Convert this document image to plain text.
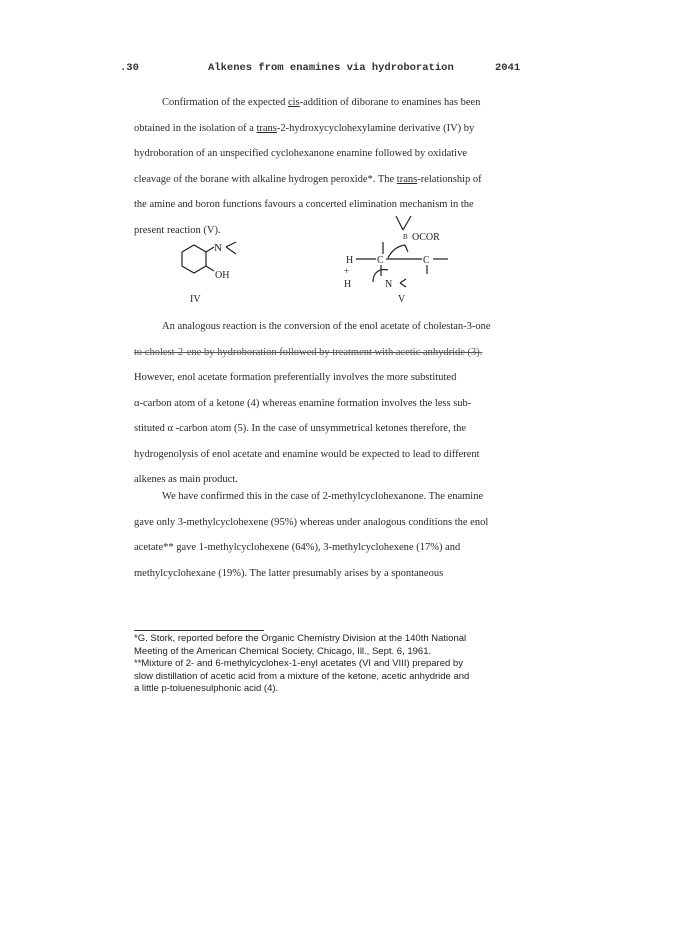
.30	Alkenes from enamines via hydroboration	2041

Confirmation of the expected cis-addition of diborane to enamines has been

obtained in the isolation of a trans-2-hydroxycyclohexylamine derivative (IV) by

hydroboration of an unspecified cyclohexanone enamine followed by oxidative

cleavage of the borane with alkaline hydrogen peroxide*. The trans-relationship of

the amine and boron functions favours a concerted elimination mechanism in the

present reaction (V).

N
OH
IV
B OCOR
H C	C
+
H	N
V

An analogous reaction is the conversion of the enol acetate of cholestan-3-one

to cholest-2-ene by hydroboration followed by treatment with acetic anhydride (3).

However, enol acetate formation preferentially involves the more substituted

α-carbon atom of a ketone (4) whereas enamine formation involves the less sub-

stituted α -carbon atom (5). In the case of unsymmetrical ketones therefore, the

hydrogenolysis of enol acetate and enamine would be expected to lead to different

alkenes as main product.

We have confirmed this in the case of 2-methylcyclohexanone. The enamine

gave only 3-methylcyclohexene (95%) whereas under analogous conditions the enol

acetate** gave 1-methylcyclohexene (64%), 3-methylcyclohexene (17%) and

methylcyclohexane (19%). The latter presumably arises by a spontaneous

*G. Stork, reported before the Organic Chemistry Division at the 140th National

Meeting of the American Chemical Society, Chicago, Ill., Sept. 6, 1961.

**Mixture of 2- and 6-methylcyclohex-1-enyl acetates (VI and VIII) prepared by

slow distillation of acetic acid from a mixture of the ketone, acetic anhydride and

a little p-toluenesulphonic acid (4).
